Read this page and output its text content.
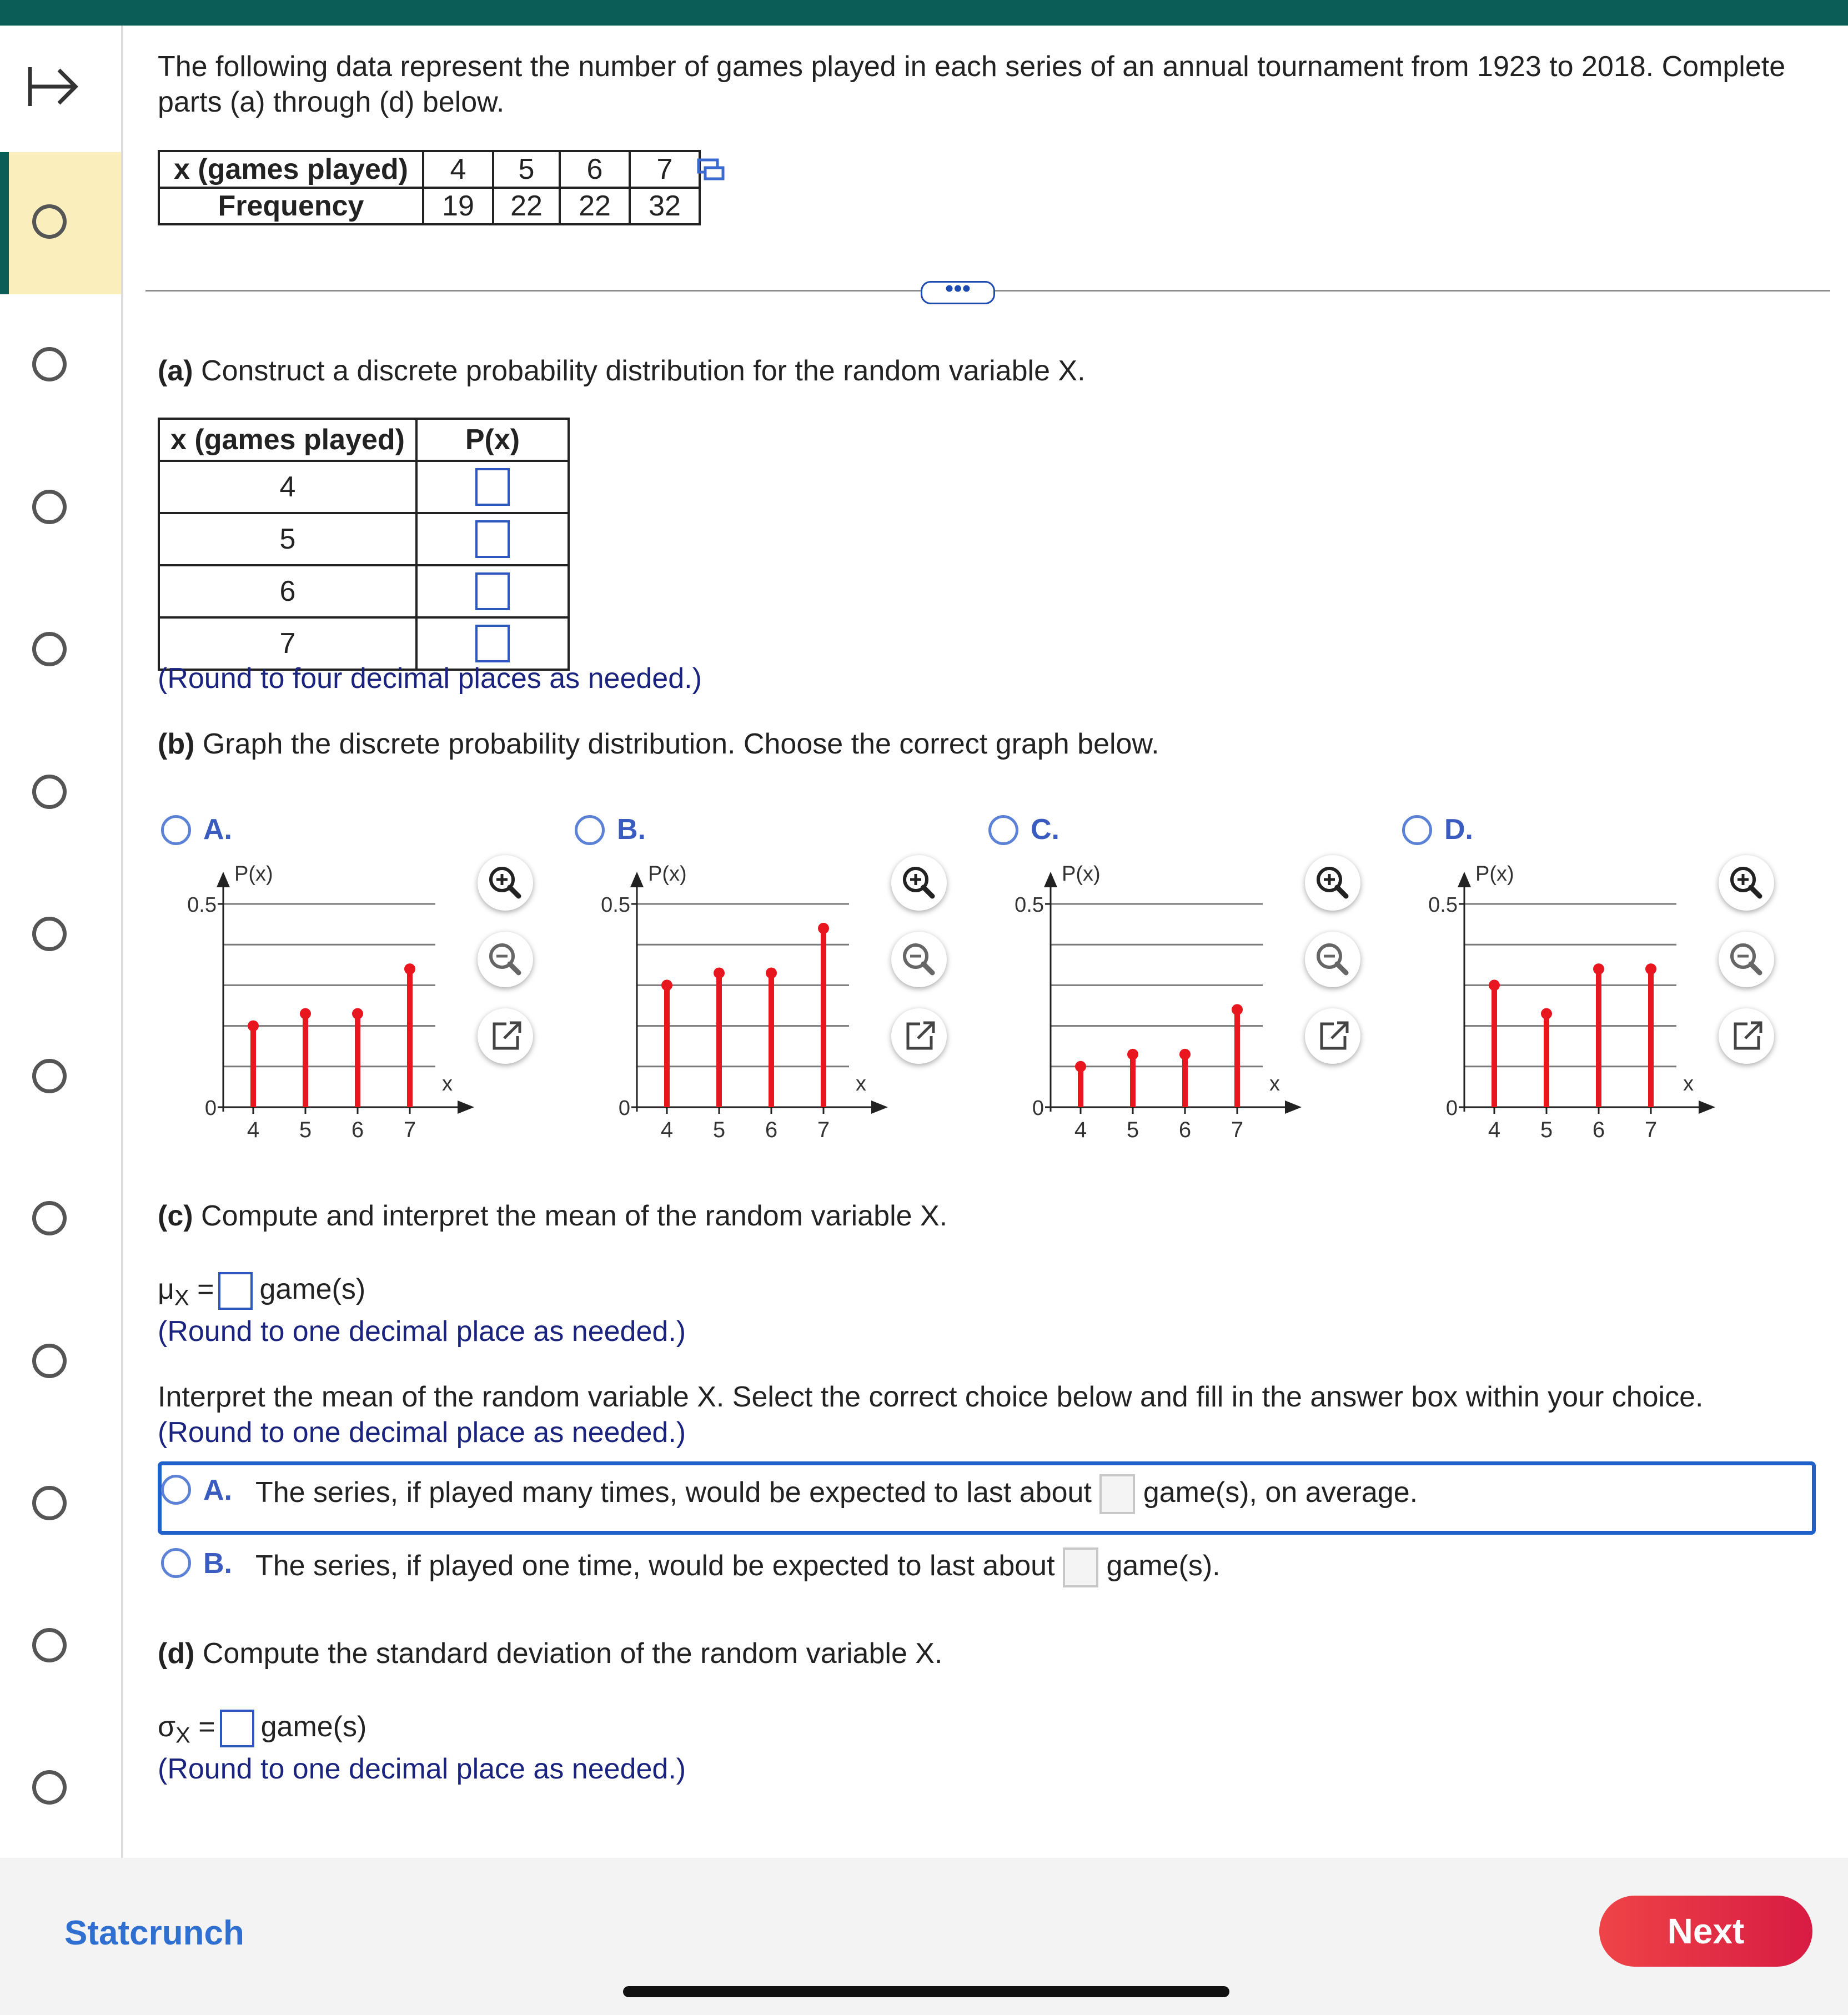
The following data represent the number of games played in each series of an annual tournament from 1923 to 2018. Complete
parts (a) through (d) below.
x (games played)	4	5	6	7
Frequency	19	22	22	32
•••
(a) Construct a discrete probability distribution for the random variable X.
x (games played)	P(x)
4	
5	
6	
7	
(Round to four decimal places as needed.)
(b) Graph the discrete probability distribution. Choose the correct graph below.
A.
0.5
0
P(x)
x
4 5 6 7
B.
0.5
0
P(x)
x
4 5 6 7
C.
0.5
0
P(x)
x
4 5 6 7
D.
0.5
0
P(x)
x
4 5 6 7
(c) Compute and interpret the mean of the random variable X.
$\mu_X$ = game(s)
(Round to one decimal place as needed.)
Interpret the mean of the random variable X. Select the correct choice below and fill in the answer box within your choice.
(Round to one decimal place as needed.)
A. The series, if played many times, would be expected to last about game(s), on average.
B. The series, if played one time, would be expected to last about game(s).
(d) Compute the standard deviation of the random variable X.
$\sigma_X$ = game(s)
(Round to one decimal place as needed.)
Statcrunch	Next
